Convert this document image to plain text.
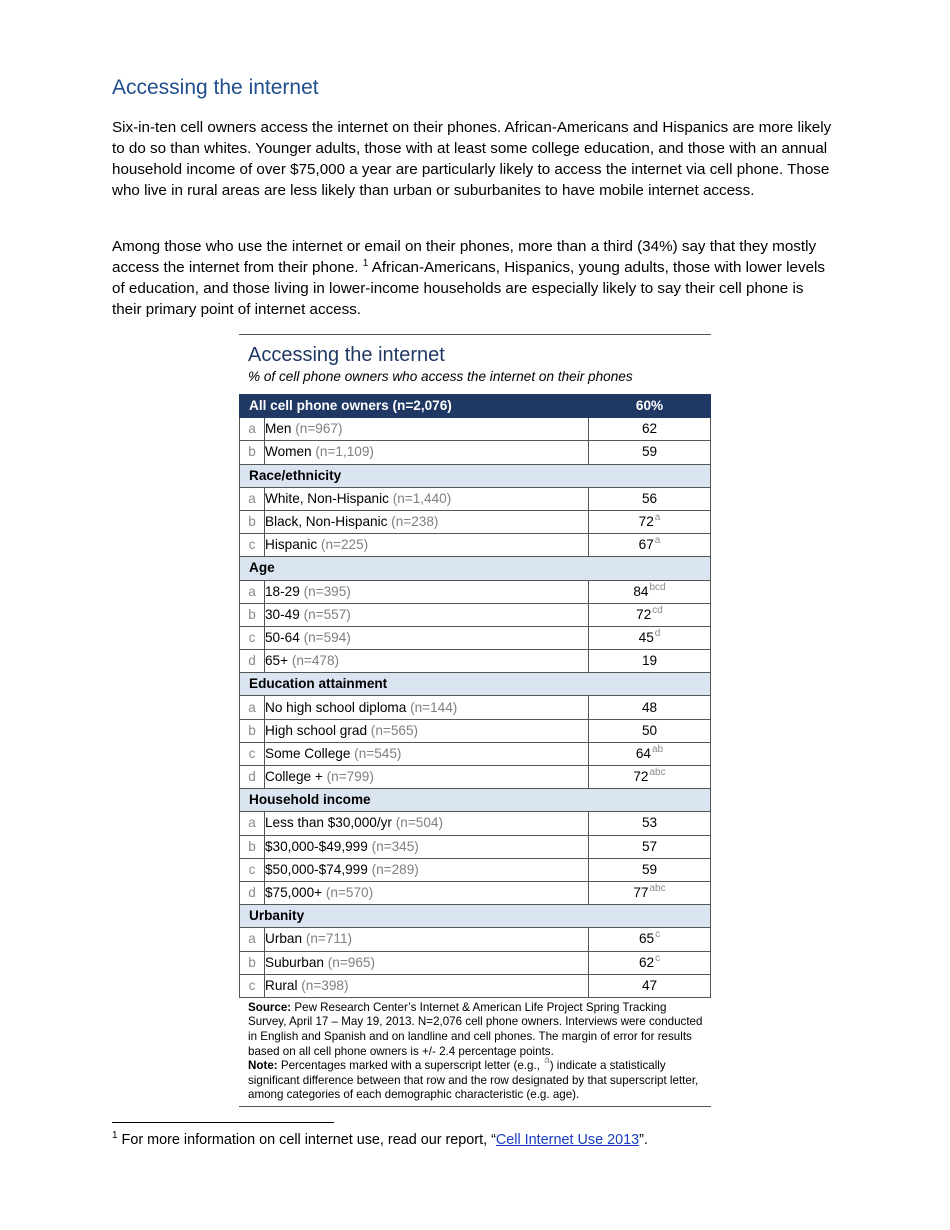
Accessing the internet

Six-in-ten cell owners access the internet on their phones. African-Americans and Hispanics are more likely to do so than whites. Younger adults, those with at least some college education, and those with an annual household income of over $75,000 a year are particularly likely to access the internet via cell phone. Those who live in rural areas are less likely than urban or suburbanites to have mobile internet access.

Among those who use the internet or email on their phones, more than a third (34%) say that they mostly access the internet from their phone. $^1$ African-Americans, Hispanics, young adults, those with lower levels of education, and those living in lower-income households are especially likely to say their cell phone is their primary point of internet access.

Accessing the internet
% of cell phone owners who access the internet on their phones
All cell phone owners (n=2,076)		60%
a	Men (n=967)	62
b	Women (n=1,109)	59
Race/ethnicity		
a	White, Non-Hispanic (n=1,440)	56
b	Black, Non-Hispanic (n=238)	72$^a$
c	Hispanic (n=225)	67$^a$
Age		
a	18-29 (n=395)	$84^{bcd}$
b	30-49 (n=557)	$72^{cd}$
c	50-64 (n=594)	45$^d$
d	65+ (n=478)	19
Education attainment		
a	No high school diploma (n=144)	48
b	High school grad (n=565)	50
c	Some College (n=545)	$64^{ab}$
d	College + (n=799)	$72^{abc}$
Household income		
a	Less than $30,000/yr (n=504)	53
b	$30,000-$49,999 (n=345)	57
c	$50,000-$74,999 (n=289)	59
d	$75,000+ (n=570)	$77^{abc}$
Urbanity		
a	Urban (n=711)	65$^c$
b	Suburban (n=965)	62$^c$
c	Rural (n=398)	47
Source: Pew Research Center’s Internet & American Life Project Spring Tracking Survey, April 17 – May 19, 2013. N=2,076 cell phone owners. Interviews were conducted in English and Spanish and on landline and cell phones. The margin of error for results based on all cell phone owners is +/- 2.4 percentage points.
Note: Percentages marked with a superscript letter (e.g., $^a$) indicate a statistically significant difference between that row and the row designated by that superscript letter, among categories of each demographic characteristic (e.g. age).

$^1$ For more information on cell internet use, read our report, “Cell Internet Use 2013”.
